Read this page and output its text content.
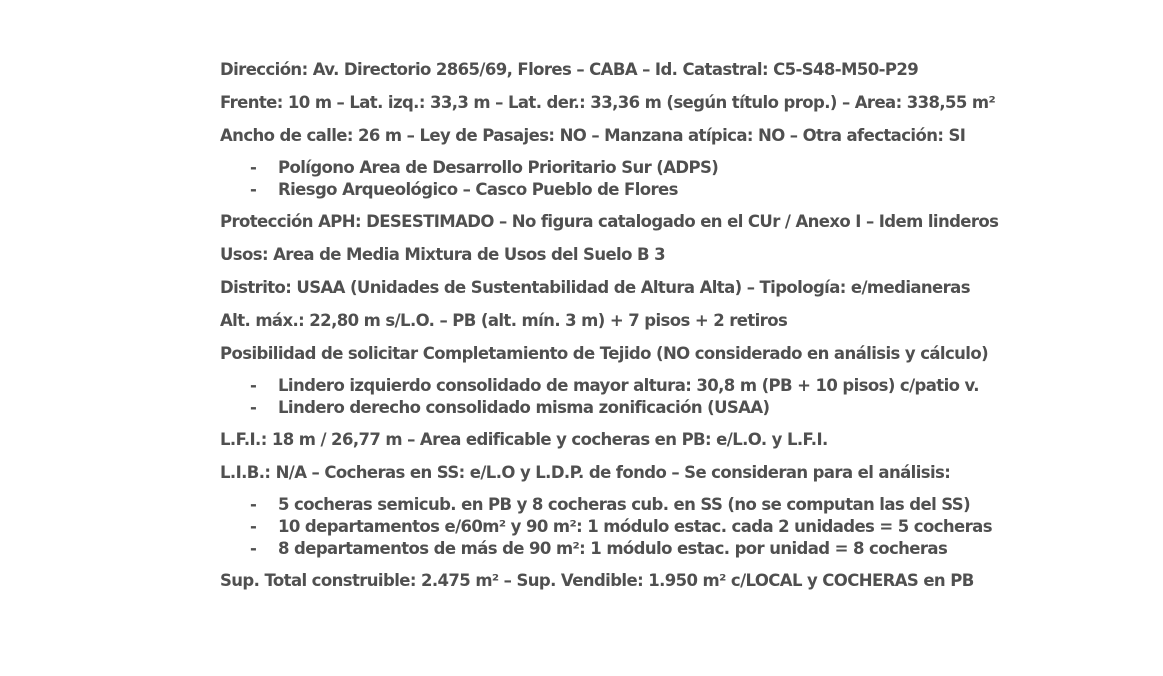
Dirección: Av. Directorio 2865/69, Flores – CABA – Id. Catastral: C5-S48-M50-P29
Frente: 10 m – Lat. izq.: 33,3 m – Lat. der.: 33,36 m (según título prop.) – Area: 338,55 m²
Ancho de calle: 26 m – Ley de Pasajes: NO – Manzana atípica: NO – Otra afectación: SI
- Polígono Area de Desarrollo Prioritario Sur (ADPS)
- Riesgo Arqueológico – Casco Pueblo de Flores
Protección APH: DESESTIMADO – No figura catalogado en el CUr / Anexo I – Idem linderos
Usos: Area de Media Mixtura de Usos del Suelo B 3
Distrito: USAA (Unidades de Sustentabilidad de Altura Alta) – Tipología: e/medianeras
Alt. máx.: 22,80 m s/L.O. – PB (alt. mín. 3 m) + 7 pisos + 2 retiros
Posibilidad de solicitar Completamiento de Tejido (NO considerado en análisis y cálculo)
- Lindero izquierdo consolidado de mayor altura: 30,8 m (PB + 10 pisos) c/patio v.
- Lindero derecho consolidado misma zonificación (USAA)
L.F.I.: 18 m / 26,77 m – Area edificable y cocheras en PB: e/L.O. y L.F.I.
L.I.B.: N/A – Cocheras en SS: e/L.O y L.D.P. de fondo – Se consideran para el análisis:
- 5 cocheras semicub. en PB y 8 cocheras cub. en SS (no se computan las del SS)
- 10 departamentos e/60m² y 90 m²: 1 módulo estac. cada 2 unidades = 5 cocheras
- 8 departamentos de más de 90 m²: 1 módulo estac. por unidad = 8 cocheras
Sup. Total construible: 2.475 m² – Sup. Vendible: 1.950 m² c/LOCAL y COCHERAS en PB
